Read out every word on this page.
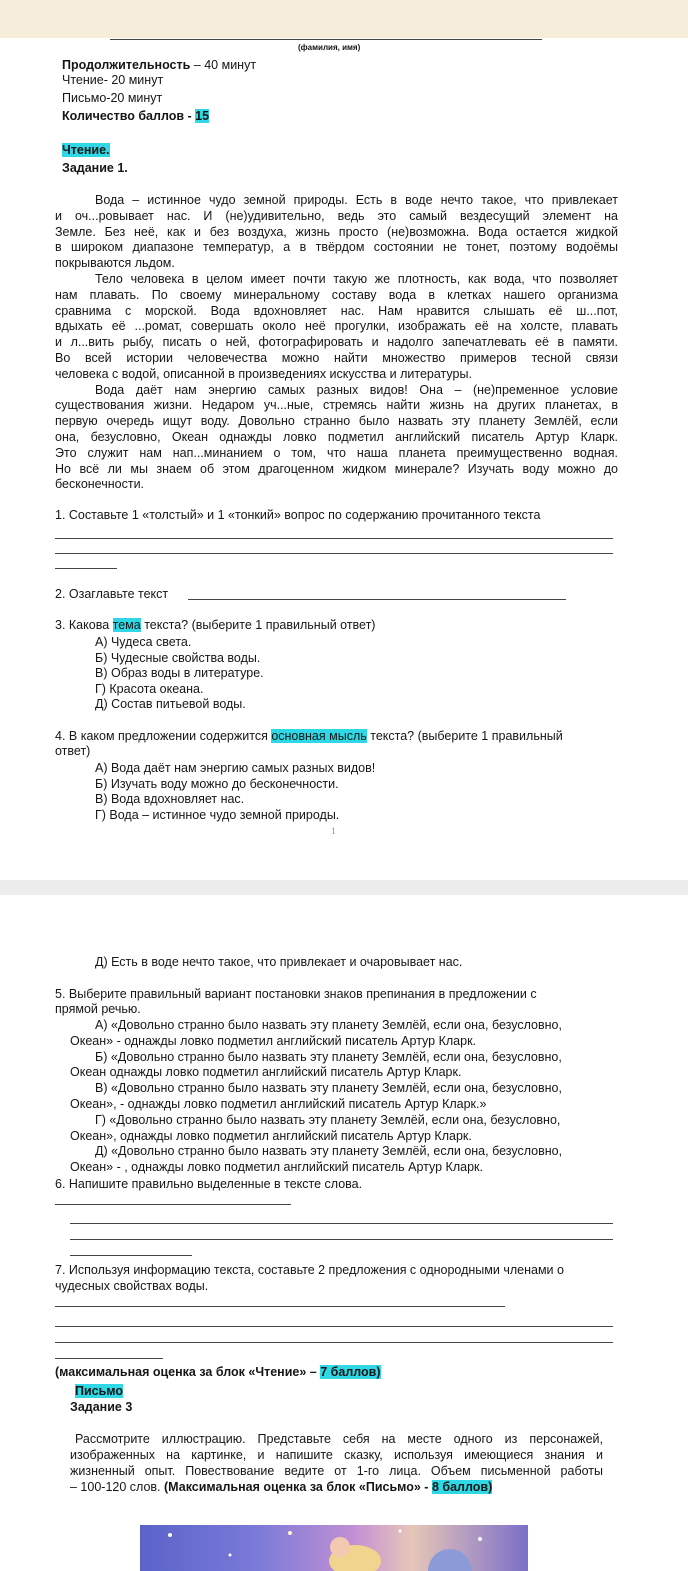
(фамилия, имя)
Продолжительность – 40 минут
Чтение- 20 минут
Письмо-20 минут
Количество баллов - 15
Чтение.
Задание 1.
1. Составьте 1 «толстый» и 1 «тонкий» вопрос по содержанию прочитанного текста
2. Озаглавьте текст
3. Какова тема текста? (выберите 1 правильный ответ)
4. В каком предложении содержится основная мысль текста? (выберите 1 правильный
ответ)
1
Вода – истинное чудо земной природы. Есть в воде нечто такое, что привлекает
и оч...ровывает нас. И (не)удивительно, ведь это самый вездесущий элемент на
Земле. Без неё, как и без воздуха, жизнь просто (не)возможна. Вода остается жидкой
в широком диапазоне температур, а в твёрдом состоянии не тонет, поэтому водоёмы
покрываются льдом.
Тело человека в целом имеет почти такую же плотность, как вода, что позволяет
нам плавать. По своему минеральному составу вода в клетках нашего организма
сравнима с морской. Вода вдохновляет нас. Нам нравится слышать её ш...пот,
вдыхать её ...ромат, совершать около неё прогулки, изображать её на холсте, плавать
и л...вить рыбу, писать о ней, фотографировать и надолго запечатлевать её в памяти.
Во всей истории человечества можно найти множество примеров тесной связи
человека с водой, описанной в произведениях искусства и литературы.
Вода даёт нам энергию самых разных видов! Она – (не)пременное условие
существования жизни. Недаром уч...ные, стремясь найти жизнь на других планетах, в
первую очередь ищут воду. Довольно странно было назвать эту планету Землёй, если
она, безусловно, Океан однажды ловко подметил английский писатель Артур Кларк.
Это служит нам нап...минанием о том, что наша планета преимущественно водная.
Но всё ли мы знаем об этом драгоценном жидком минерале? Изучать воду можно до
бесконечности.
А) Чудеса света.
Б) Чудесные свойства воды.
В) Образ воды в литературе.
Г) Красота океана.
Д) Состав питьевой воды.
А) Вода даёт нам энергию самых разных видов!
Б) Изучать воду можно до бесконечности.
В) Вода вдохновляет нас.
Г) Вода – истинное чудо земной природы.
Д) Есть в воде нечто такое, что привлекает и очаровывает нас.
5. Выберите правильный вариант постановки знаков препинания в предложении с
прямой речью.
6. Напишите правильно выделенные в тексте слова.
7. Используя информацию текста, составьте 2 предложения с однородными членами о
чудесных свойствах воды.
(максимальная оценка за блок «Чтение» – 7 баллов)
Письмо
Задание 3
– 100-120 слов. (Максимальная оценка за блок «Письмо» - 8 баллов)
А) «Довольно странно было назвать эту планету Землёй, если она, безусловно,
Океан» - однажды ловко подметил английский писатель Артур Кларк.
Б) «Довольно странно было назвать эту планету Землёй, если она, безусловно,
Океан однажды ловко подметил английский писатель Артур Кларк.
В) «Довольно странно было назвать эту планету Землёй, если она, безусловно,
Океан», - однажды ловко подметил английский писатель Артур Кларк.»
Г) «Довольно странно было назвать эту планету Землёй, если она, безусловно,
Океан», однажды ловко подметил английский писатель Артур Кларк.
Д) «Довольно странно было назвать эту планету Землёй, если она, безусловно,
Океан» - , однажды ловко подметил английский писатель Артур Кларк.
Рассмотрите иллюстрацию. Представьте себя на месте одного из персонажей,
изображенных на картинке, и напишите сказку, используя имеющиеся знания и
жизненный опыт. Повествование ведите от 1-го лица. Объем письменной работы
